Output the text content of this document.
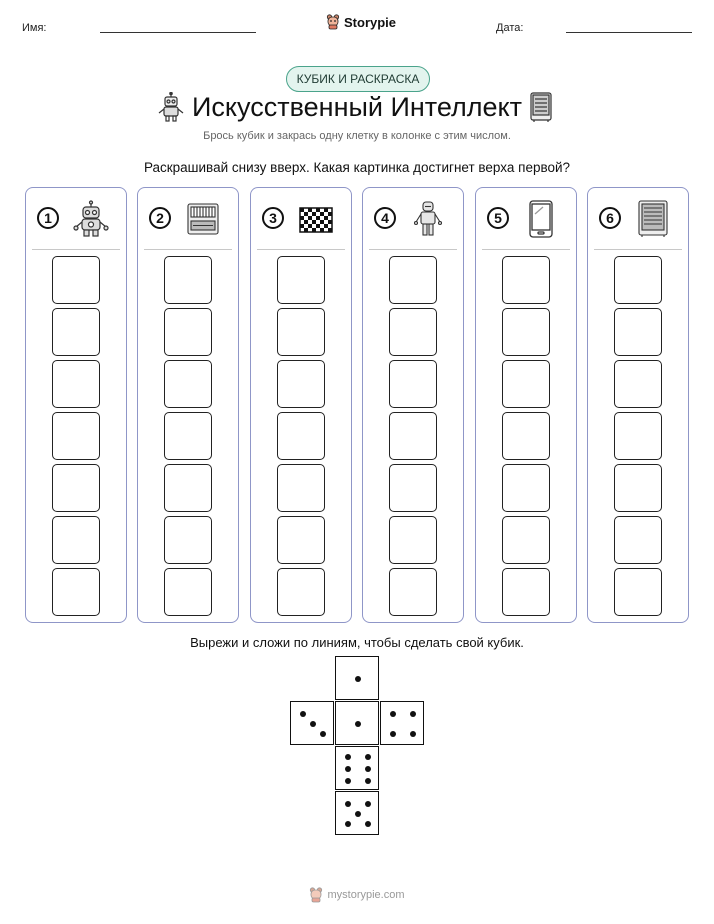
Имя:	Storypie	Дата:
КУБИК И РАСКРАСКА
Искусственный Интеллект
Брось кубик и закрась одну клетку в колонке с этим числом.
Раскрашивай снизу вверх. Какая картинка достигнет верха первой?
1	2	3	4	5	6
Вырежи и сложи по линиям, чтобы сделать свой кубик.
mystorypie.com
